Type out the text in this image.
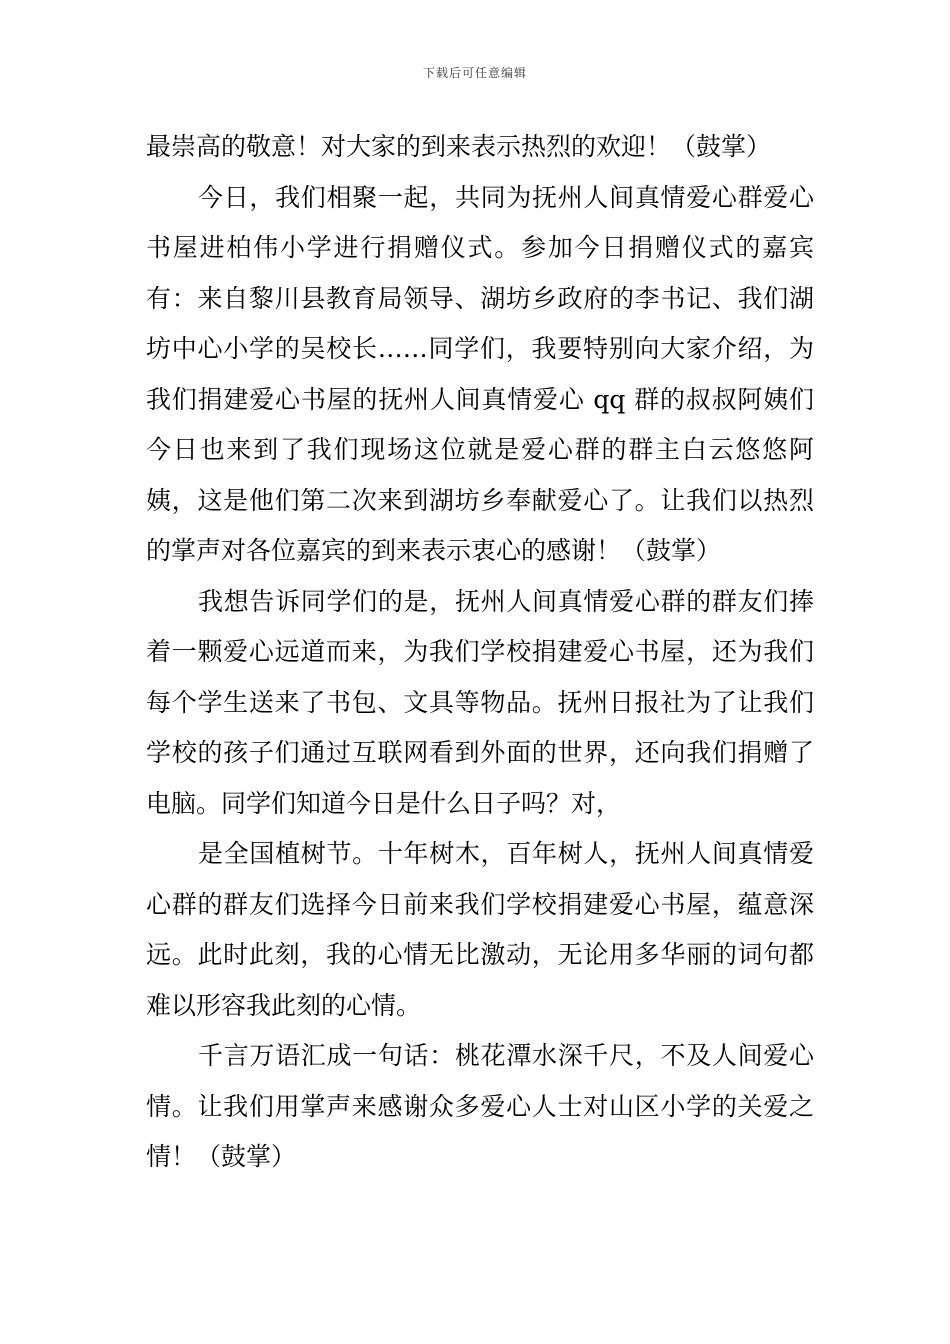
下载后可任意编辑

最崇高的敬意！对大家的到来表示热烈的欢迎！（鼓掌）

今日，我们相聚一起，共同为抚州人间真情爱心群爱心书屋进柏伟小学进行捐赠仪式。参加今日捐赠仪式的嘉宾有：来自黎川县教育局领导、湖坊乡政府的李书记、我们湖坊中心小学的吴校长……同学们，我要特别向大家介绍，为我们捐建爱心书屋的抚州人间真情爱心 qq 群的叔叔阿姨们今日也来到了我们现场这位就是爱心群的群主白云悠悠阿姨，这是他们第二次来到湖坊乡奉献爱心了。让我们以热烈的掌声对各位嘉宾的到来表示衷心的感谢！（鼓掌）

我想告诉同学们的是，抚州人间真情爱心群的群友们捧着一颗爱心远道而来，为我们学校捐建爱心书屋，还为我们每个学生送来了书包、文具等物品。抚州日报社为了让我们学校的孩子们通过互联网看到外面的世界，还向我们捐赠了电脑。同学们知道今日是什么日子吗？对，

是全国植树节。十年树木，百年树人，抚州人间真情爱心群的群友们选择今日前来我们学校捐建爱心书屋，蕴意深远。此时此刻，我的心情无比激动，无论用多华丽的词句都难以形容我此刻的心情。

千言万语汇成一句话：桃花潭水深千尺，不及人间爱心情。让我们用掌声来感谢众多爱心人士对山区小学的关爱之情！（鼓掌）
